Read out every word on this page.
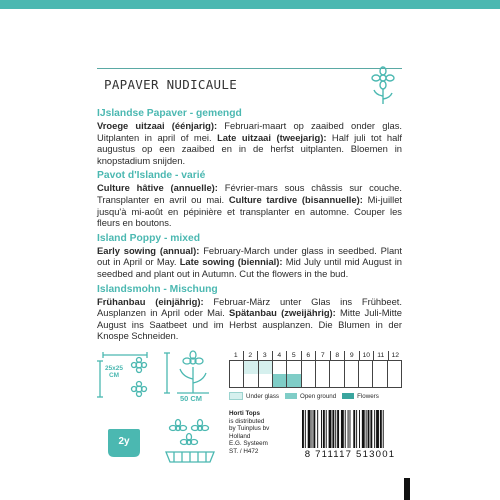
PAPAVER NUDICAULE
IJslandse Papaver - gemengd

Vroege uitzaai (éénjarig): Februari-maart op zaaibed onder glas. Uitplanten in april of mei. Late uitzaai (tweejarig): Half juli tot half augustus op een zaaibed en in de herfst uitplanten. Bloemen in knopstadium snijden.

Pavot d'Islande - varié

Culture hâtive (annuelle): Février-mars sous châssis sur couche. Transplanter en avril ou mai. Culture tardive (bisannuelle): Mi-juillet jusqu'à mi-août en pépinière et transplanter en automne. Couper les fleurs en boutons.

Island Poppy - mixed

Early sowing (annual): February-March under glass in seedbed. Plant out in April or May. Late sowing (biennial): Mid July until mid August in seedbed and plant out in Autumn. Cut the flowers in the bud.

Islandsmohn - Mischung

Frühanbau (einjährig): Februar-März unter Glas ins Frühbeet. Ausplanzen in April oder Mai. Spätanbau (zweijährig): Mitte Juli-Mitte August ins Saatbeet und im Herbst ausplanzen. Die Blumen in der Knospe Schneiden.

25x25
CM
50 CM
2y
1	2	3	4	5	6	7	8	9	10	11	12
Under glass	Open ground	Flowers
Horti Tops
is distributed
by Tuinplus bv
Holland
E.G. Systeem
ST. / H472	8 711117 513001
